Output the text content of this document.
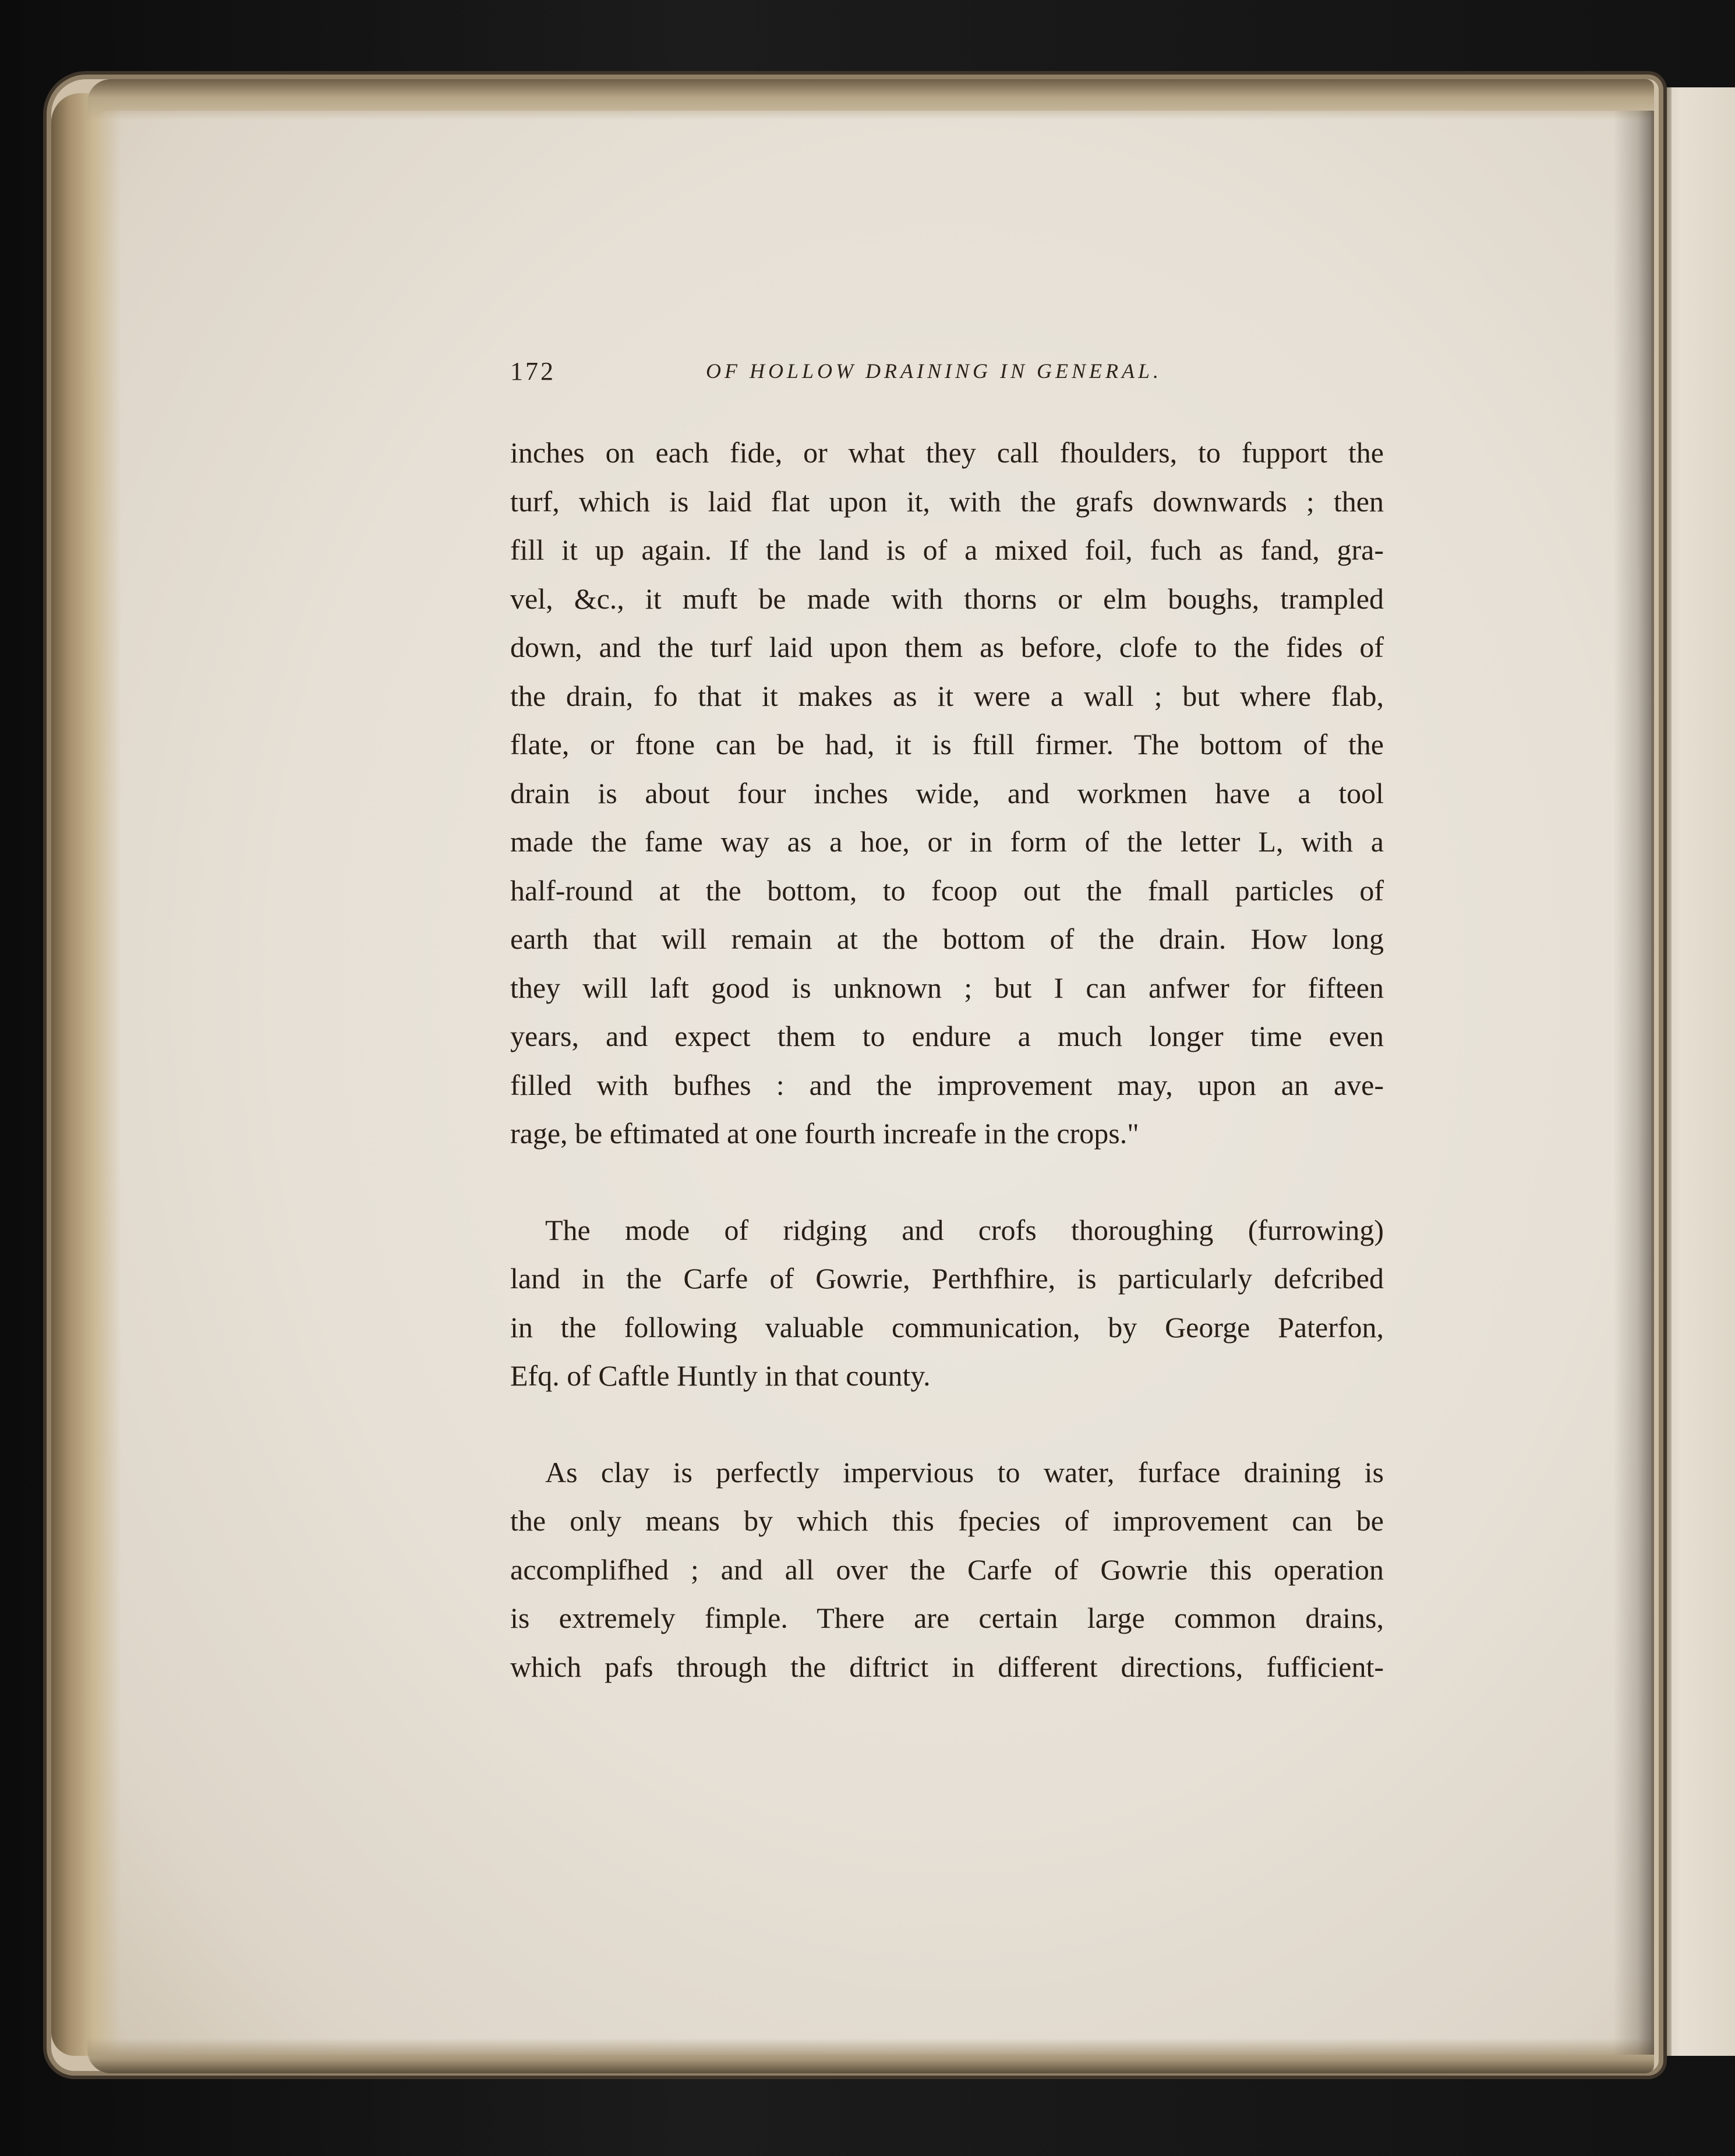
172	OF HOLLOW DRAINING IN GENERAL.
inches on each fide, or what they call fhoulders, to fupport the
turf, which is laid flat upon it, with the grafs downwards ; then
fill it up again. If the land is of a mixed foil, fuch as fand, gra-
vel, &c., it muft be made with thorns or elm boughs, trampled
down, and the turf laid upon them as before, clofe to the fides of
the drain, fo that it makes as it were a wall ; but where flab,
flate, or ftone can be had, it is ftill firmer. The bottom of the
drain is about four inches wide, and workmen have a tool
made the fame way as a hoe, or in form of the letter L, with a
half-round at the bottom, to fcoop out the fmall particles of
earth that will remain at the bottom of the drain. How long
they will laft good is unknown ; but I can anfwer for fifteen
years, and expect them to endure a much longer time even
filled with bufhes : and the improvement may, upon an ave-
rage, be eftimated at one fourth increafe in the crops."
The mode of ridging and crofs thoroughing (furrowing)
land in the Carfe of Gowrie, Perthfhire, is particularly defcribed
in the following valuable communication, by George Paterfon,
Efq. of Caftle Huntly in that county.
As clay is perfectly impervious to water, furface draining is
the only means by which this fpecies of improvement can be
accomplifhed ; and all over the Carfe of Gowrie this operation
is extremely fimple. There are certain large common drains,
which pafs through the diftrict in different directions, fufficient-
